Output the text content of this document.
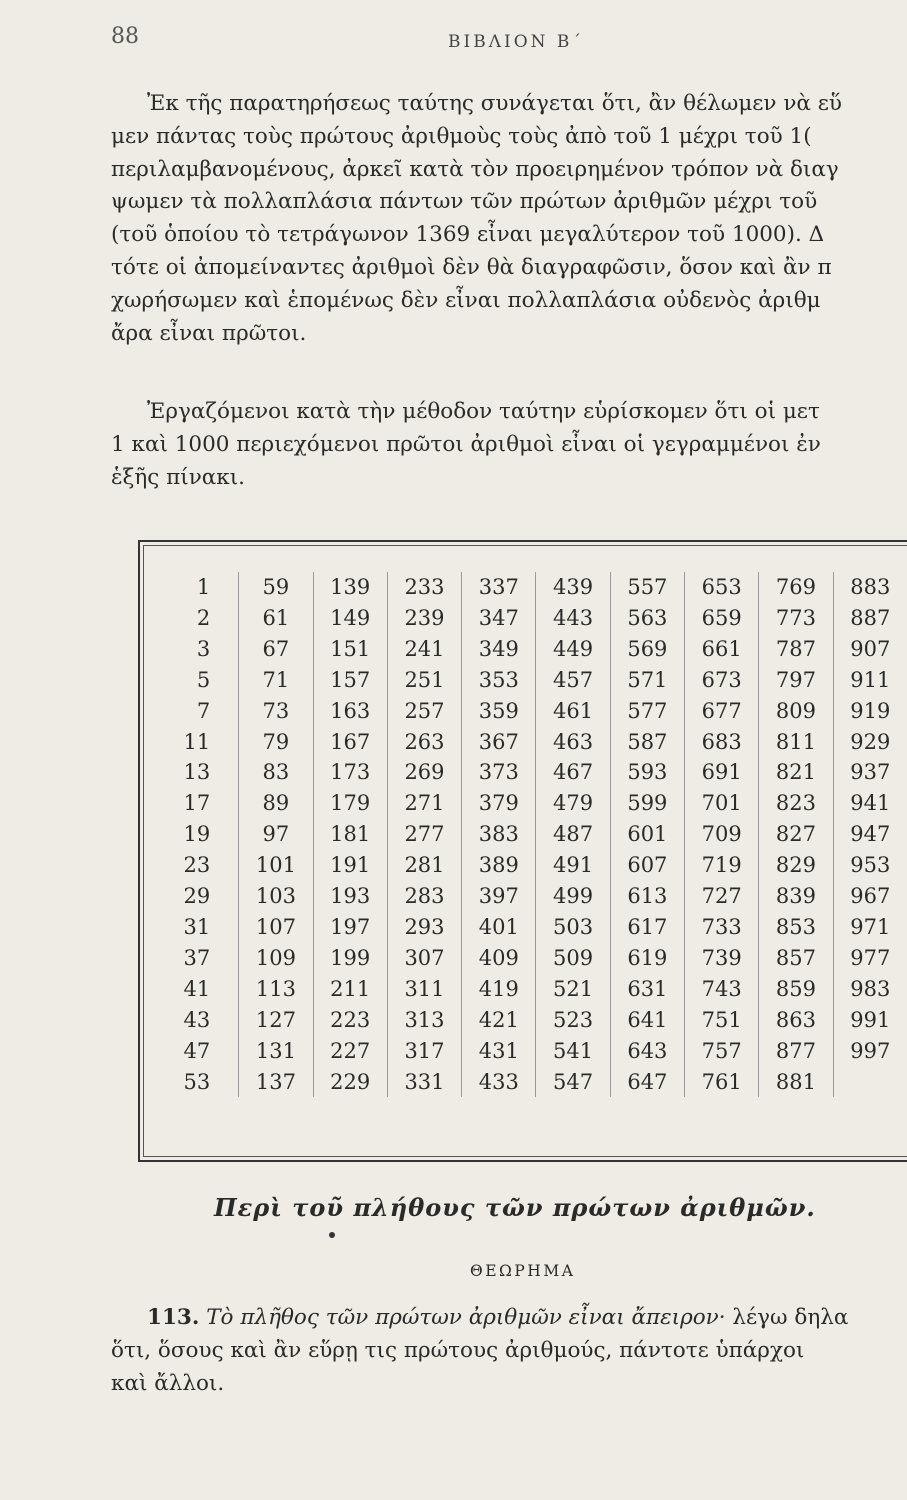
88	ΒΙΒΛΙΟΝ Β΄
Ἐκ τῆς παρατηρήσεως ταύτης συνάγεται ὅτι, ἂν θέλωμεν νὰ εὕ
μεν πάντας τοὺς πρώτους ἀριθμοὺς τοὺς ἀπὸ τοῦ 1 μέχρι τοῦ 1(
περιλαμβανομένους, ἀρκεῖ κατὰ τὸν προειρημένον τρόπον νὰ διαγ
ψωμεν τὰ πολλαπλάσια πάντων τῶν πρώτων ἀριθμῶν μέχρι τοῦ
(τοῦ ὁποίου τὸ τετράγωνον 1369 εἶναι μεγαλύτερον τοῦ 1000). Δ
τότε οἱ ἀπομείναντες ἀριθμοὶ δὲν θὰ διαγραφῶσιν, ὅσον καὶ ἂν π
χωρήσωμεν καὶ ἑπομένως δὲν εἶναι πολλαπλάσια οὐδενὸς ἀριθμ
ἄρα εἶναι πρῶτοι.
Ἐργαζόμενοι κατὰ τὴν μέθοδον ταύτην εὑρίσκομεν ὅτι οἱ μετ
1 καὶ 1000 περιεχόμενοι πρῶτοι ἀριθμοὶ εἶναι οἱ γεγραμμένοι ἐν
ἑξῆς πίνακι.
1	59	139	233	337	439	557	653	769	883
2	61	149	239	347	443	563	659	773	887
3	67	151	241	349	449	569	661	787	907
5	71	157	251	353	457	571	673	797	911
7	73	163	257	359	461	577	677	809	919
11	79	167	263	367	463	587	683	811	929
13	83	173	269	373	467	593	691	821	937
17	89	179	271	379	479	599	701	823	941
19	97	181	277	383	487	601	709	827	947
23	101	191	281	389	491	607	719	829	953
29	103	193	283	397	499	613	727	839	967
31	107	197	293	401	503	617	733	853	971
37	109	199	307	409	509	619	739	857	977
41	113	211	311	419	521	631	743	859	983
43	127	223	313	421	523	641	751	863	991
47	131	227	317	431	541	643	757	877	997
53	137	229	331	433	547	647	761	881	
Περὶ τοῦ πλήθους τῶν πρώτων ἀριθμῶν.
ΘΕΩΡΗΜΑ
113. Τὸ πλῆθος τῶν πρώτων ἀριθμῶν εἶναι ἄπειρον· λέγω δηλα
ὅτι, ὅσους καὶ ἂν εὕρῃ τις πρώτους ἀριθμούς, πάντοτε ὑπάρχοι
καὶ ἄλλοι.
